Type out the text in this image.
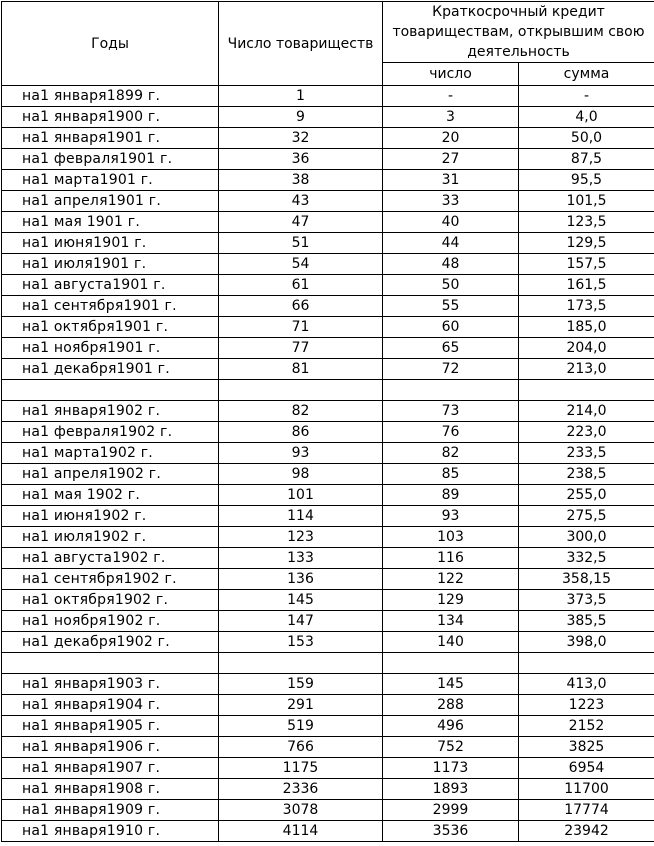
Годы	Число товариществ	Краткосрочный кредит товариществам, открывшим свою деятельность	
		число	сумма
на1 января1899 г.	1	-	-
на1 января1900 г.	9	3	4,0
на1 января1901 г.	32	20	50,0
на1 февраля1901 г.	36	27	87,5
на1 марта1901 г.	38	31	95,5
на1 апреля1901 г.	43	33	101,5
на1 мая 1901 г.	47	40	123,5
на1 июня1901 г.	51	44	129,5
на1 июля1901 г.	54	48	157,5
на1 августа1901 г.	61	50	161,5
на1 сентября1901 г.	66	55	173,5
на1 октября1901 г.	71	60	185,0
на1 ноября1901 г.	77	65	204,0
на1 декабря1901 г.	81	72	213,0

на1 января1902 г.	82	73	214,0
на1 февраля1902 г.	86	76	223,0
на1 марта1902 г.	93	82	233,5
на1 апреля1902 г.	98	85	238,5
на1 мая 1902 г.	101	89	255,0
на1 июня1902 г.	114	93	275,5
на1 июля1902 г.	123	103	300,0
на1 августа1902 г.	133	116	332,5
на1 сентября1902 г.	136	122	358,15
на1 октября1902 г.	145	129	373,5
на1 ноября1902 г.	147	134	385,5
на1 декабря1902 г.	153	140	398,0

на1 января1903 г.	159	145	413,0
на1 января1904 г.	291	288	1223
на1 января1905 г.	519	496	2152
на1 января1906 г.	766	752	3825
на1 января1907 г.	1175	1173	6954
на1 января1908 г.	2336	1893	11700
на1 января1909 г.	3078	2999	17774
на1 января1910 г.	4114	3536	23942
